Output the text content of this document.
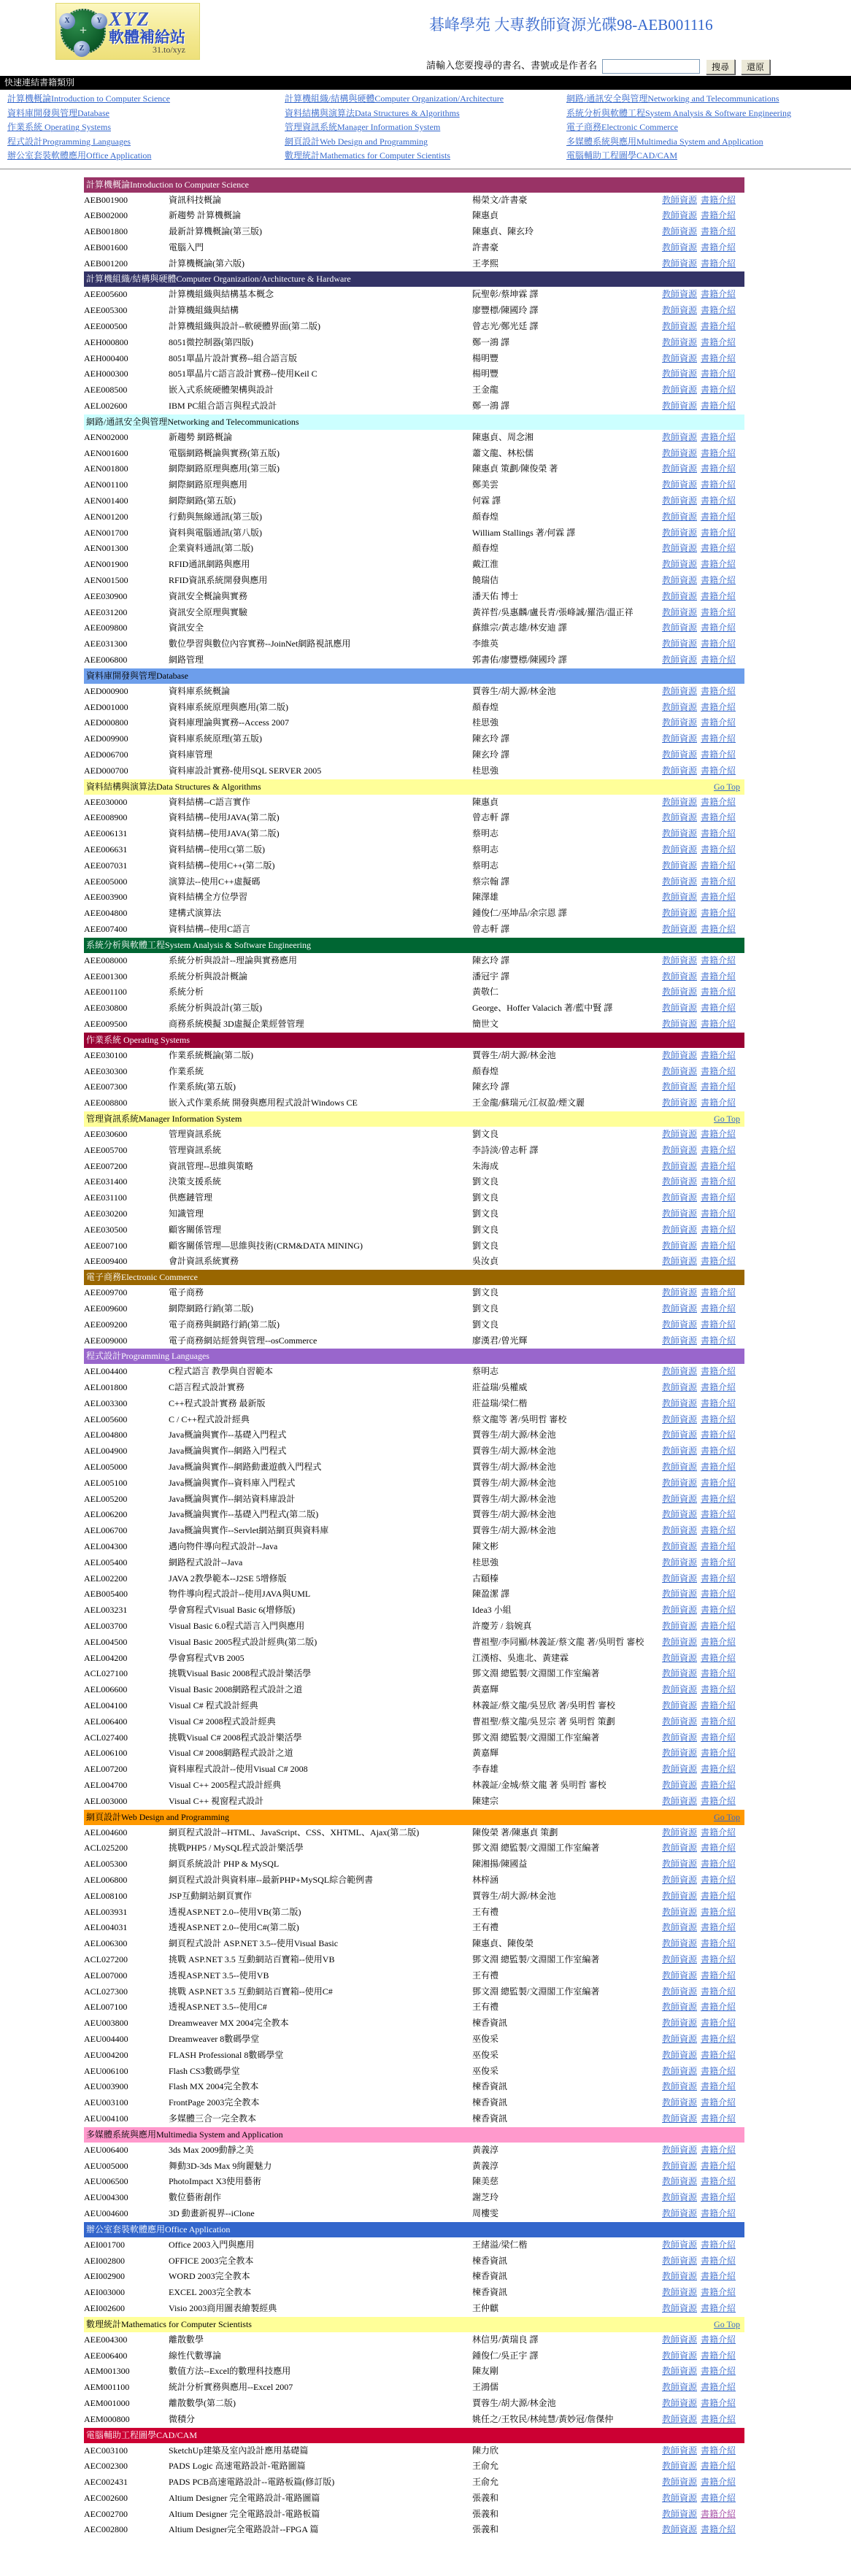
+
X	Y
Z
XYZ
軟體補給站
31.to/xyz
碁峰學苑 大專教師資源光碟98-AEB001116
請輸入您要搜尋的書名、書號或是作者名	搜尋 還原
快速連結書籍類別
計算機概論Introduction to Computer Science
資料庫開發與管理Database
作業系統 Operating Systems
程式設計Programming Languages
辦公室套裝軟體應用Office Application
計算機組織/結構與硬體Computer Organization/Architecture
資料結構與演算法Data Structures & Algorithms
管理資訊系統Manager Information System
網頁設計Web Design and Programming
數理統計Mathematics for Computer Scientists
網路/通訊安全與管理Networking and Telecommunications
系統分析與軟體工程System Analysis & Software Engineering
電子商務Electronic Commerce
多媒體系統與應用Multimedia System and Application
電腦輔助工程圖學CAD/CAM
計算機概論Introduction to Computer Science
AEB001900	資訊科技概論	楊榮文/許書豪	教師資源 書籍介紹
AEB002000	新趨勢 計算機概論	陳惠貞	教師資源 書籍介紹
AEB001800	最新計算機概論(第三版)	陳惠貞、陳玄玲	教師資源 書籍介紹
AEB001600	電腦入門	許書豪	教師資源 書籍介紹
AEB001200	計算機概論(第六版)	王孝熙	教師資源 書籍介紹
計算機組織/結構與硬體Computer Organization/Architecture & Hardware
AEE005600	計算機組織與結構基本概念	阮聖彰/蔡坤霖 譯	教師資源 書籍介紹
AEE005300	計算機組織與結構	廖豐標/陳國玲 譯	教師資源 書籍介紹
AEE000500	計算機組織與設計--軟硬體界面(第二版)	曾志光/鄭光廷 譯	教師資源 書籍介紹
AEH000800	8051微控制器(第四版)	鄭一鴻 譯	教師資源 書籍介紹
AEH000400	8051單晶片設計實務--組合語言版	楊明豐	教師資源 書籍介紹
AEH000300	8051單晶片C語言設計實務--使用Keil C	楊明豐	教師資源 書籍介紹
AEE008500	嵌入式系統硬體架構與設計	王金龍	教師資源 書籍介紹
AEL002600	IBM PC組合語言與程式設計	鄭一鴻 譯	教師資源 書籍介紹
網路/通訊安全與管理Networking and Telecommunications
AEN002000	新趨勢 網路概論	陳惠貞、周念湘	教師資源 書籍介紹
AEN001600	電腦網路概論與實務(第五版)	蕭文龍、林松儒	教師資源 書籍介紹
AEN001800	網際網路原理與應用(第三版)	陳惠貞 策劃/陳俊榮 著	教師資源 書籍介紹
AEN001100	網際網路原理與應用	鄭美雲	教師資源 書籍介紹
AEN001400	網際網路(第五版)	何霖 譯	教師資源 書籍介紹
AEN001200	行動與無線通訊(第三版)	顏春煌	教師資源 書籍介紹
AEN001700	資料與電腦通訊(第八版)	William Stallings 著/何霖 譯	教師資源 書籍介紹
AEN001300	企業資料通訊(第二版)	顏春煌	教師資源 書籍介紹
AEN001900	RFID通訊網路與應用	戴江淮	教師資源 書籍介紹
AEN001500	RFID資訊系統開發與應用	饒瑞佶	教師資源 書籍介紹
AEE030900	資訊安全概論與實務	潘天佑 博士	教師資源 書籍介紹
AEE031200	資訊安全原理與實驗	黃祥哲/吳惠麟/盧長青/張峰誠/羅浩/溫正祥	教師資源 書籍介紹
AEE009800	資訊安全	蘇維宗/黃志雄/林安迪 譯	教師資源 書籍介紹
AEE031300	數位學習與數位內容實務--JoinNet網路視訊應用	李維英	教師資源 書籍介紹
AEE006800	網路管理	郭書佑/廖豐標/陳國玲 譯	教師資源 書籍介紹
資料庫開發與管理Database
AED000900	資料庫系統概論	賈蓉生/胡大源/林金池	教師資源 書籍介紹
AED001000	資料庫系統原理與應用(第二版)	顏春煌	教師資源 書籍介紹
AED000800	資料庫理論與實務--Access 2007	桂思強	教師資源 書籍介紹
AED009900	資料庫系統原理(第五版)	陳玄玲 譯	教師資源 書籍介紹
AED006700	資料庫管理	陳玄玲 譯	教師資源 書籍介紹
AED000700	資料庫設計實務-使用SQL SERVER 2005	桂思強	教師資源 書籍介紹
資料結構與演算法Data Structures & Algorithms	Go Top
AEE030000	資料結構--C語言實作	陳惠貞	教師資源 書籍介紹
AEE008900	資料結構--使用JAVA(第二版)	曾志軒 譯	教師資源 書籍介紹
AEE006131	資料結構--使用JAVA(第二版)	蔡明志	教師資源 書籍介紹
AEE006631	資料結構--使用C(第二版)	蔡明志	教師資源 書籍介紹
AEE007031	資料結構--使用C++(第二版)	蔡明志	教師資源 書籍介紹
AEE005000	演算法--使用C++虛擬碼	蔡宗翰 譯	教師資源 書籍介紹
AEE003900	資料結構全方位學習	陳澤雄	教師資源 書籍介紹
AEE004800	建構式演算法	鍾俊仁/巫坤品/余宗恩 譯	教師資源 書籍介紹
AEE007400	資料結構--使用C語言	曾志軒 譯	教師資源 書籍介紹
系統分析與軟體工程System Analysis & Software Engineering
AEE008000	系統分析與設計--理論與實務應用	陳玄玲 譯	教師資源 書籍介紹
AEE001300	系統分析與設計概論	潘冠宇 譯	教師資源 書籍介紹
AEE001100	系統分析	黃敬仁	教師資源 書籍介紹
AEE030800	系統分析與設計(第三版)	George、Hoffer Valacich 著/藍中賢 譯	教師資源 書籍介紹
AEE009500	商務系統模擬 3D虛擬企業經營管理	簡世文	教師資源 書籍介紹
作業系統 Operating Systems
AEE030100	作業系統概論(第二版)	賈蓉生/胡大源/林金池	教師資源 書籍介紹
AEE030300	作業系統	顏春煌	教師資源 書籍介紹
AEE007300	作業系統(第五版)	陳玄玲 譯	教師資源 書籍介紹
AEE008800	嵌入式作業系統 開發與應用程式設計Windows CE	王金龍/蘇瑞元/江叔盈/煙文麗	教師資源 書籍介紹
管理資訊系統Manager Information System	Go Top
AEE030600	管理資訊系統	劉文良	教師資源 書籍介紹
AEE005700	管理資訊系統	李詩淡/曾志軒 譯	教師資源 書籍介紹
AEE007200	資訊管理--思維與策略	朱海成	教師資源 書籍介紹
AEE031400	決策支援系統	劉文良	教師資源 書籍介紹
AEE031100	供應鏈管理	劉文良	教師資源 書籍介紹
AEE030200	知識管理	劉文良	教師資源 書籍介紹
AEE030500	顧客關係管理	劉文良	教師資源 書籍介紹
AEE007100	顧客關係管理—思維與技術(CRM&DATA MINING)	劉文良	教師資源 書籍介紹
AEE009400	會計資訊系統實務	吳汝貞	教師資源 書籍介紹
電子商務Electronic Commerce
AEE009700	電子商務	劉文良	教師資源 書籍介紹
AEE009600	網際網路行銷(第二版)	劉文良	教師資源 書籍介紹
AEE009200	電子商務與網路行銷(第二版)	劉文良	教師資源 書籍介紹
AEE009000	電子商務網站經營與管理--osCommerce	廖漢君/曾光輝	教師資源 書籍介紹
程式設計Programming Languages
AEL004400	C程式語言 教學與自習範本	蔡明志	教師資源 書籍介紹
AEL001800	C語言程式設計實務	莊益瑞/吳權威	教師資源 書籍介紹
AEL003300	C++程式設計實務 最新版	莊益瑞/梁仁楷	教師資源 書籍介紹
AEL005600	C / C++程式設計經典	蔡文龍等 著/吳明哲 審校	教師資源 書籍介紹
AEL004800	Java概論與實作--基礎入門程式	賈蓉生/胡大源/林金池	教師資源 書籍介紹
AEL004900	Java概論與實作--網路入門程式	賈蓉生/胡大源/林金池	教師資源 書籍介紹
AEL005000	Java概論與實作--網路動畫遊戲入門程式	賈蓉生/胡大源/林金池	教師資源 書籍介紹
AEL005100	Java概論與實作--資料庫入門程式	賈蓉生/胡大源/林金池	教師資源 書籍介紹
AEL005200	Java概論與實作--網站資料庫設計	賈蓉生/胡大源/林金池	教師資源 書籍介紹
AEL006200	Java概論與實作--基礎入門程式(第二版)	賈蓉生/胡大源/林金池	教師資源 書籍介紹
AEL006700	Java概論與實作--Servlet網站網頁與資料庫	賈蓉生/胡大源/林金池	教師資源 書籍介紹
AEL004300	邁向物件導向程式設計--Java	陳文彬	教師資源 書籍介紹
AEL005400	網路程式設計--Java	桂思強	教師資源 書籍介紹
AEL002200	JAVA 2教學範本--J2SE 5增修版	古頤榛	教師資源 書籍介紹
AEB005400	物件導向程式設計--使用JAVA與UML	陳盈潔 譯	教師資源 書籍介紹
AEL003231	學會寫程式Visual Basic 6(增修版)	Idea3 小組	教師資源 書籍介紹
AEL003700	Visual Basic 6.0程式語言入門與應用	許慶芳 / 翁婉真	教師資源 書籍介紹
AEL004500	Visual Basic 2005程式設計經典(第二版)	曹祖聖/李同顯/林義証/蔡文龍 著/吳明哲 審校	教師資源 書籍介紹
AEL004200	學會寫程式VB 2005	江漢榕、吳進北、黃建霖	教師資源 書籍介紹
ACL027100	挑戰Visual Basic 2008程式設計樂活學	鄧文淵 總監製/文淵閣工作室編著	教師資源 書籍介紹
AEL006600	Visual Basic 2008網路程式設計之道	黃嘉輝	教師資源 書籍介紹
AEL004100	Visual C# 程式設計經典	林義証/蔡文龍/吳昱欣 著/吳明哲 審校	教師資源 書籍介紹
AEL006400	Visual C# 2008程式設計經典	曹祖聖/蔡文龍/吳昱宗 著 吳明哲 策劃	教師資源 書籍介紹
ACL027400	挑戰Visual C# 2008程式設計樂活學	鄧文淵 總監製/文淵閣工作室編著	教師資源 書籍介紹
AEL006100	Visual C# 2008網路程式設計之道	黃嘉輝	教師資源 書籍介紹
AEL007200	資料庫程式設計--使用Visual C# 2008	李春雄	教師資源 書籍介紹
AEL004700	Visual C++ 2005程式設計經典	林義証/金城/蔡文龍 著 吳明哲 審校	教師資源 書籍介紹
AEL003000	Visual C++ 視窗程式設計	陳建宗	教師資源 書籍介紹
網頁設計Web Design and Programming	Go Top
AEL004600	網頁程式設計--HTML、JavaScript、CSS、XHTML、Ajax(第二版)	陳俊榮 著/陳惠貞 策劃	教師資源 書籍介紹
ACL025200	挑戰PHP5 / MySQL程式設計樂活學	鄧文淵 總監製/文淵閣工作室編著	教師資源 書籍介紹
AEL005300	網頁系統設計 PHP & MySQL	陳湘揚/陳國益	教師資源 書籍介紹
AEL006800	網頁程式設計與資料庫--最新PHP+MySQL綜合範例書	林梓涵	教師資源 書籍介紹
AEL008100	JSP互動網站網頁實作	賈蓉生/胡大源/林金池	教師資源 書籍介紹
AEL003931	透視ASP.NET 2.0--使用VB(第二版)	王有禮	教師資源 書籍介紹
AEL004031	透視ASP.NET 2.0--使用C#(第二版)	王有禮	教師資源 書籍介紹
AEL006300	網頁程式設計 ASP.NET 3.5--使用Visual Basic	陳惠貞、陳俊榮	教師資源 書籍介紹
ACL027200	挑戰 ASP.NET 3.5 互動網站百寶箱--使用VB	鄧文淵 總監製/文淵閣工作室編著	教師資源 書籍介紹
AEL007000	透視ASP.NET 3.5--使用VB	王有禮	教師資源 書籍介紹
ACL027300	挑戰 ASP.NET 3.5 互動網站百寶箱--使用C#	鄧文淵 總監製/文淵閣工作室編著	教師資源 書籍介紹
AEL007100	透視ASP.NET 3.5--使用C#	王有禮	教師資源 書籍介紹
AEU003800	Dreamweaver MX 2004完全教本	楝香資訊	教師資源 書籍介紹
AEU004400	Dreamweaver 8數碼學堂	巫俊采	教師資源 書籍介紹
AEU004200	FLASH Professional 8數碼學堂	巫俊采	教師資源 書籍介紹
AEU006100	Flash CS3數碼學堂	巫俊采	教師資源 書籍介紹
AEU003900	Flash MX 2004完全教本	楝香資訊	教師資源 書籍介紹
AEU003100	FrontPage 2003完全教本	楝香資訊	教師資源 書籍介紹
AEU004100	多媒體三合一完全教本	楝香資訊	教師資源 書籍介紹
多媒體系統與應用Multimedia System and Application
AEU006400	3ds Max 2009動靜之美	黃義淳	教師資源 書籍介紹
AEU005000	舞動3D-3ds Max 9絢麗魅力	黃義淳	教師資源 書籍介紹
AEU006500	PhotoImpact X3使用藝術	陳美慈	教師資源 書籍介紹
AEU004300	數位藝術創作	謝芝玲	教師資源 書籍介紹
AEU004600	3D 動畫新視界--iClone	周樓雯	教師資源 書籍介紹
辦公室套裝軟體應用Office Application
AEI001700	Office 2003入門與應用	王緒溢/梁仁楷	教師資源 書籍介紹
AEI002800	OFFICE 2003完全教本	楝香資訊	教師資源 書籍介紹
AEI002900	WORD 2003完全教本	楝香資訊	教師資源 書籍介紹
AEI003000	EXCEL 2003完全教本	楝香資訊	教師資源 書籍介紹
AEI002600	Visio 2003商用圖表繪製經典	王仲麒	教師資源 書籍介紹
數理統計Mathematics for Computer Scientists	Go Top
AEE004300	離散數學	林信男/黃瑞良 譯	教師資源 書籍介紹
AEE006400	線性代數導論	鍾俊仁/吳正宇 譯	教師資源 書籍介紹
AEM001300	數值方法--Excel的數理科技應用	陳友剛	教師資源 書籍介紹
AEM001100	統計分析實務與應用--Excel 2007	王鴻儒	教師資源 書籍介紹
AEM001000	離散數學(第二版)	賈蓉生/胡大源/林金池	教師資源 書籍介紹
AEM000800	微積分	姚任之/王牧民/林純慧/黃妙冠/詹傑仲	教師資源 書籍介紹
電腦輔助工程圖學CAD/CAM
AEC003100	SketchUp建築及室內設計應用基礎篇	陳力欣	教師資源 書籍介紹
AEC002300	PADS Logic 高速電路設計-電路圖篇	王俞允	教師資源 書籍介紹
AEC002431	PADS PCB高速電路設計--電路板篇(修訂版)	王俞允	教師資源 書籍介紹
AEC002600	Altium Designer 完全電路設計-電路圖篇	張義和	教師資源 書籍介紹
AEC002700	Altium Designer 完全電路設計-電路板篇	張義和	教師資源 書籍介紹
AEC002800	Altium Designer完全電路設計--FPGA 篇	張義和	教師資源 書籍介紹
